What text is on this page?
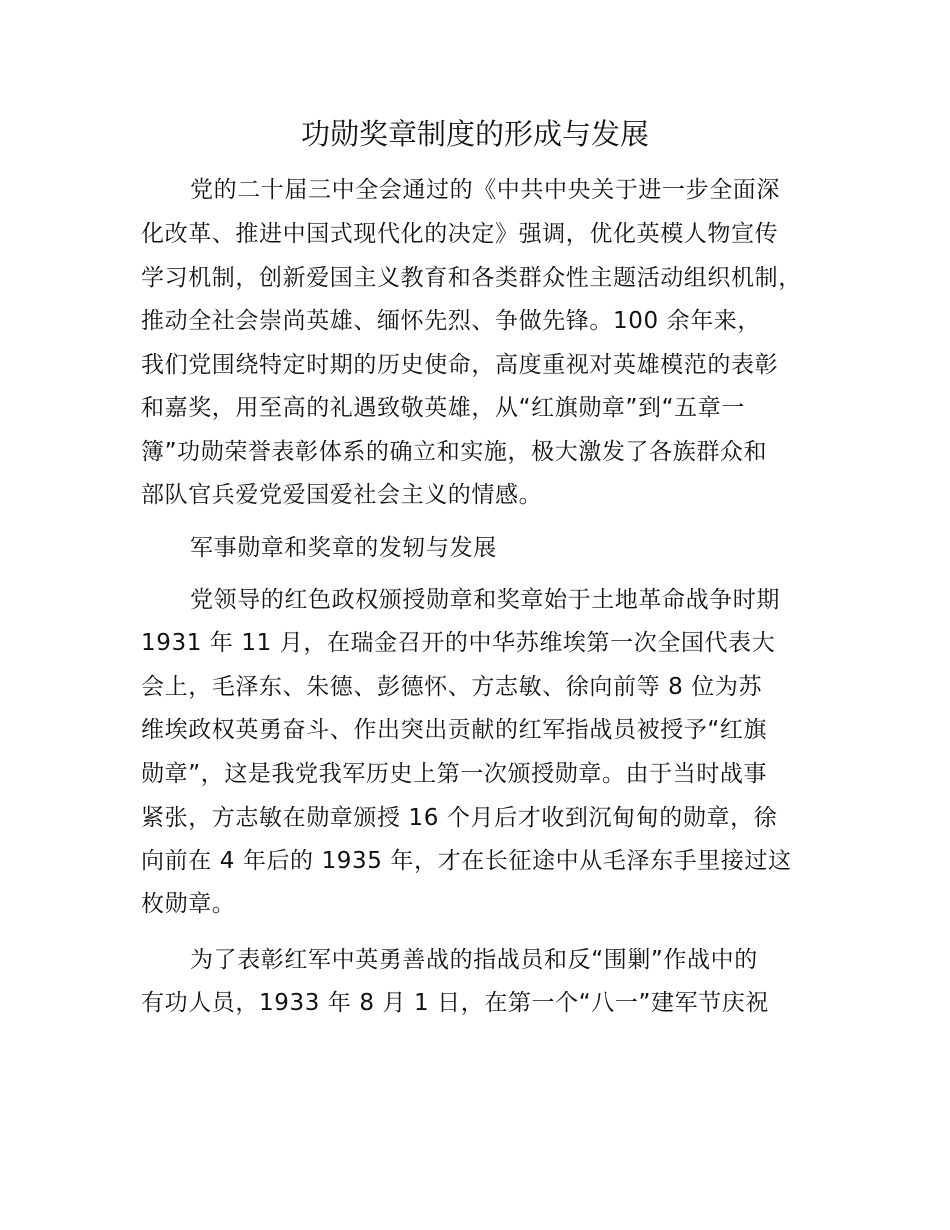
功勋奖章制度的形成与发展
党的二十届三中全会通过的《中共中央关于进一步全面深
化改革、推进中国式现代化的决定》强调，优化英模人物宣传
学习机制，创新爱国主义教育和各类群众性主题活动组织机制，
推动全社会崇尚英雄、缅怀先烈、争做先锋。100 余年来，
我们党围绕特定时期的历史使命，高度重视对英雄模范的表彰
和嘉奖，用至高的礼遇致敬英雄，从“红旗勋章”到“五章一
簿”功勋荣誉表彰体系的确立和实施，极大激发了各族群众和
部队官兵爱党爱国爱社会主义的情感。
军事勋章和奖章的发轫与发展
党领导的红色政权颁授勋章和奖章始于土地革命战争时期
1931 年 11 月，在瑞金召开的中华苏维埃第一次全国代表大
会上，毛泽东、朱德、彭德怀、方志敏、徐向前等 8 位为苏
维埃政权英勇奋斗、作出突出贡献的红军指战员被授予“红旗
勋章”，这是我党我军历史上第一次颁授勋章。由于当时战事
紧张，方志敏在勋章颁授 16 个月后才收到沉甸甸的勋章，徐
向前在 4 年后的 1935 年，才在长征途中从毛泽东手里接过这
枚勋章。
为了表彰红军中英勇善战的指战员和反“围剿”作战中的
有功人员，1933 年 8 月 1 日，在第一个“八一”建军节庆祝
